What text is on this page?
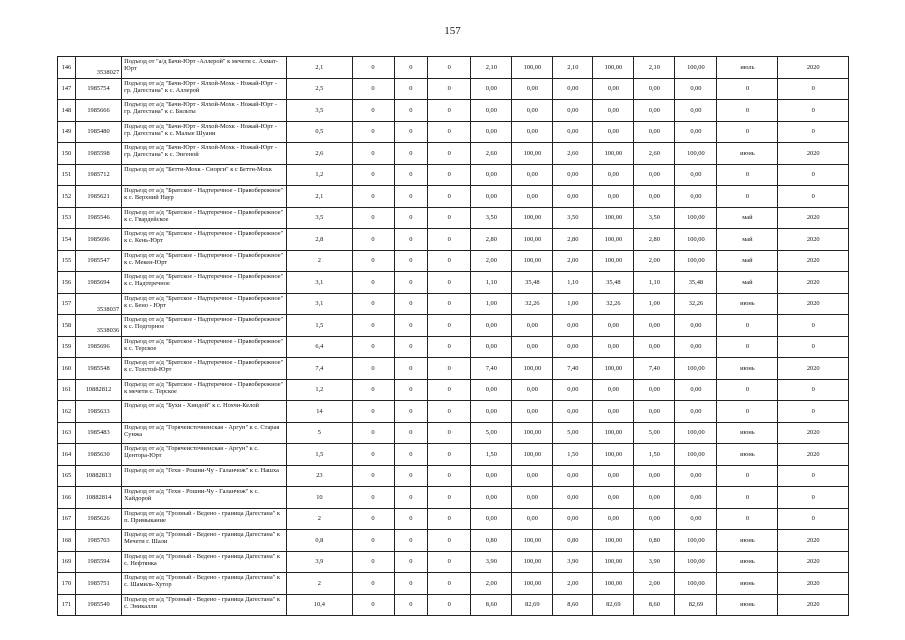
157
146	3538027	Подъезд от "а/д Бачи-Юрт -Аллерой" к мечети с. Ахмат-Юрт	2,1	0	0	0	2,10	100,00	2,10	100,00	2,10	100,00	июль	2020
147	1985754	Подъезд от а/д "Бачи-Юрт - Ялхой-Мохк - Ножай-Юрт - гр. Дагестана" к с. Аллерой	2,5	0	0	0	0,00	0,00	0,00	0,00	0,00	0,00	0	0
148	1985666	Подъезд от а/д "Бачи-Юрт - Ялхой-Мохк - Ножай-Юрт - гр. Дагестана" к с. Бильты	3,5	0	0	0	0,00	0,00	0,00	0,00	0,00	0,00	0	0
149	1985480	Подъезд от а/д "Бачи-Юрт - Ялхой-Мохк - Ножай-Юрт - гр. Дагестана" к с. Малые Шуани	0,5	0	0	0	0,00	0,00	0,00	0,00	0,00	0,00	0	0
150	1985598	Подъезд от а/д "Бачи-Юрт - Ялхой-Мохк - Ножай-Юрт - гр. Дагестана" к с. Энгеной	2,6	0	0	0	2,60	100,00	2,60	100,00	2,60	100,00	июнь	2020
151	1985712	Подъезд от а/д "Беттн-Мохк - Снорги" к с Беттн-Мохк	1,2	0	0	0	0,00	0,00	0,00	0,00	0,00	0,00	0	0
152	1985621	Подъезд от а/д "Братское - Надтеречное - Правобережное" к с. Верхний Наур	2,1	0	0	0	0,00	0,00	0,00	0,00	0,00	0,00	0	0
153	1985546	Подъезд от а/д "Братское - Надтеречное - Правобережное" к с. Гвардейское	3,5	0	0	0	3,50	100,00	3,50	100,00	3,50	100,00	май	2020
154	1985696	Подъезд от а/д "Братское - Надтеречное - Правобережное" к с. Кень-Юрт	2,8	0	0	0	2,80	100,00	2,80	100,00	2,80	100,00	май	2020
155	1985547	Подъезд от а/д "Братское - Надтеречное - Правобережное" к с. Мекен-Юрт	2	0	0	0	2,00	100,00	2,00	100,00	2,00	100,00	май	2020
156	1985694	Подъезд от а/д "Братское - Надтеречное - Правобережное" к с. Надтеречное	3,1	0	0	0	1,10	35,48	1,10	35,48	1,10	35,48	май	2020
157	3538037	Подъезд от а/д "Братское - Надтеречное - Правобережное" к с. Бено - Юрт	3,1	0	0	0	1,00	32,26	1,00	32,26	1,00	32,26	июнь	2020
158	3538036	Подъезд от а/д "Братское - Надтеречное - Правобережное" к с. Подгорное	1,5	0	0	0	0,00	0,00	0,00	0,00	0,00	0,00	0	0
159	1985696	Подъезд от а/д "Братское - Надтеречное - Правобережное" к с. Терское	6,4	0	0	0	0,00	0,00	0,00	0,00	0,00	0,00	0	0
160	1985548	Подъезд от а/д "Братское - Надтеречное - Правобережное" к с. Толстой-Юрт	7,4	0	0	0	7,40	100,00	7,40	100,00	7,40	100,00	июнь	2020
161	10882812	Подъезд от а/д "Братское - Надтеречное - Правобережное" к мечети с. Терское	1,2	0	0	0	0,00	0,00	0,00	0,00	0,00	0,00	0	0
162	1985633	Подъезд от а/д "Бухи - Хиндой" к с. Нохчи-Келой	14	0	0	0	0,00	0,00	0,00	0,00	0,00	0,00	0	0
163	1985483	Подъезд от а/д "Горячеисточненская - Аргун" к с. Старая Сунжа	5	0	0	0	5,00	100,00	5,00	100,00	5,00	100,00	июнь	2020
164	1985630	Подъезд от а/д "Горячеисточненская - Аргун" к с. Центора-Юрт	1,5	0	0	0	1,50	100,00	1,50	100,00	1,50	100,00	июнь	2020
165	10882813	Подъезд от а/д "Гехи - Рошни-Чу - Галанчож" к с. Нашха	23	0	0	0	0,00	0,00	0,00	0,00	0,00	0,00	0	0
166	10882814	Подъезд от а/д "Гехи - Рошни-Чу - Галанчож" к с. Хайдорой	10	0	0	0	0,00	0,00	0,00	0,00	0,00	0,00	0	0
167	1985626	Подъезд от а/д "Грозный - Ведено - граница Дагестана" к п. Примыкание	2	0	0	0	0,00	0,00	0,00	0,00	0,00	0,00	0	0
168	1985703	Подъезд от а/д "Грозный - Ведено - граница Дагестана" к Мечети г. Шали	0,8	0	0	0	0,80	100,00	0,80	100,00	0,80	100,00	июнь	2020
169	1985594	Подъезд от а/д "Грозный - Ведено - граница Дагестана" к с. Нефтянка	3,9	0	0	0	3,90	100,00	3,90	100,00	3,90	100,00	июнь	2020
170	1985751	Подъезд от а/д "Грозный - Ведено - граница Дагестана" к с. Шамиль-Хутор	2	0	0	0	2,00	100,00	2,00	100,00	2,00	100,00	июнь	2020
171	1985549	Подъезд от а/д "Грозный - Ведено - граница Дагестана" к с. Эникалли	10,4	0	0	0	8,60	82,69	8,60	82,69	8,60	82,69	июнь	2020
